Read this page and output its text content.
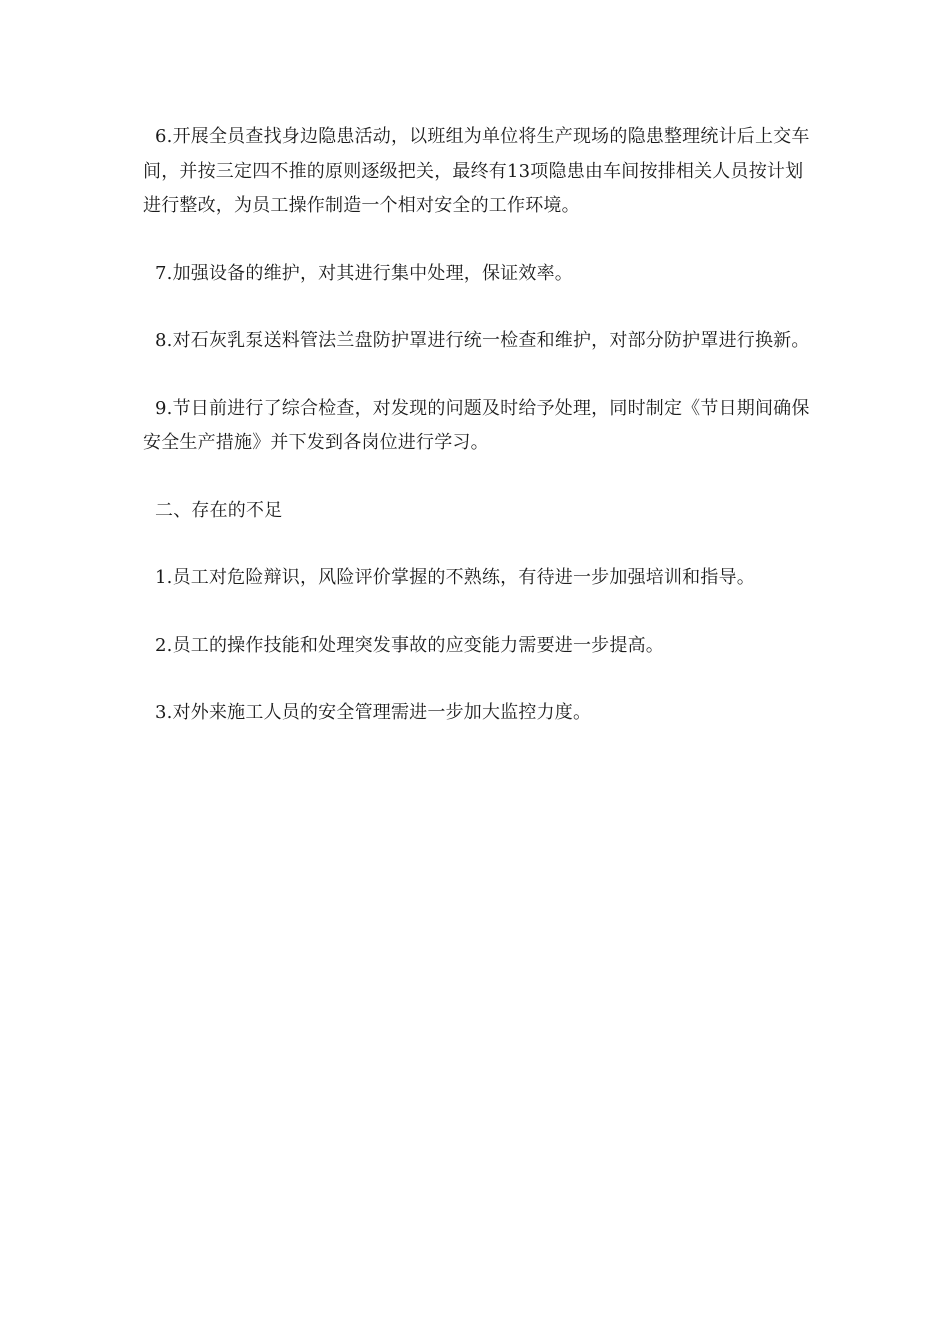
6.开展全员查找身边隐患活动，以班组为单位将生产现场的隐患整理统计后上交车间，并按三定四不推的原则逐级把关，最终有13项隐患由车间按排相关人员按计划进行整改，为员工操作制造一个相对安全的工作环境。

7.加强设备的维护，对其进行集中处理，保证效率。

8.对石灰乳泵送料管法兰盘防护罩进行统一检查和维护，对部分防护罩进行换新。

9.节日前进行了综合检查，对发现的问题及时给予处理，同时制定《节日期间确保安全生产措施》并下发到各岗位进行学习。

二、存在的不足

1.员工对危险辩识，风险评价掌握的不熟练，有待进一步加强培训和指导。

2.员工的操作技能和处理突发事故的应变能力需要进一步提高。

3.对外来施工人员的安全管理需进一步加大监控力度。
